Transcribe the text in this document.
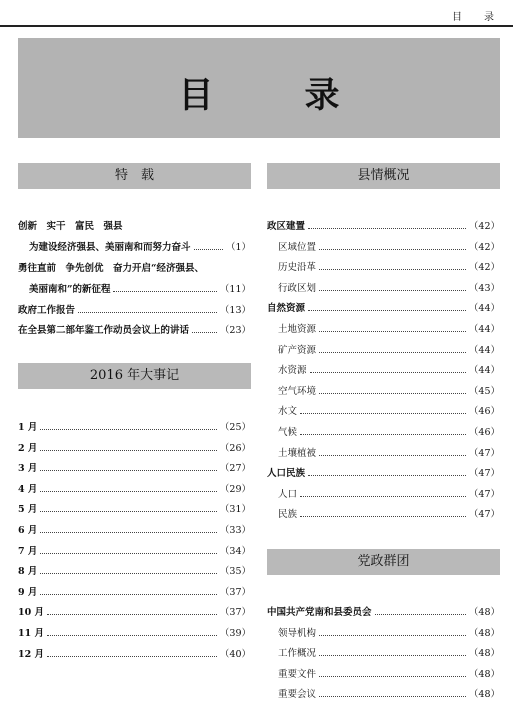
目　录
目　录
特　载
创新　实干　富民　强县
为建设经济强县、美丽南和而努力奋斗	（1）
勇往直前　争先创优　奋力开启“经济强县、
美丽南和”的新征程	（11）
政府工作报告	（13）
在全县第二部年鉴工作动员会议上的讲话	（23）
2016 年大事记
县情概况
党政群团
1 月	（25）
2 月	（26）
3 月	（27）
4 月	（29）
5 月	（31）
6 月	（33）
7 月	（34）
8 月	（35）
9 月	（37）
10 月	（37）
11 月	（39）
12 月	（40）
政区建置	（42）
区域位置	（42）
历史沿革	（42）
行政区划	（43）
自然资源	（44）
土地资源	（44）
矿产资源	（44）
水资源	（44）
空气环境	（45）
水文	（46）
气候	（46）
土壤植被	（47）
人口民族	（47）
人口	（47）
民族	（47）
中国共产党南和县委员会	（48）
领导机构	（48）
工作概况	（48）
重要文件	（48）
重要会议	（48）
